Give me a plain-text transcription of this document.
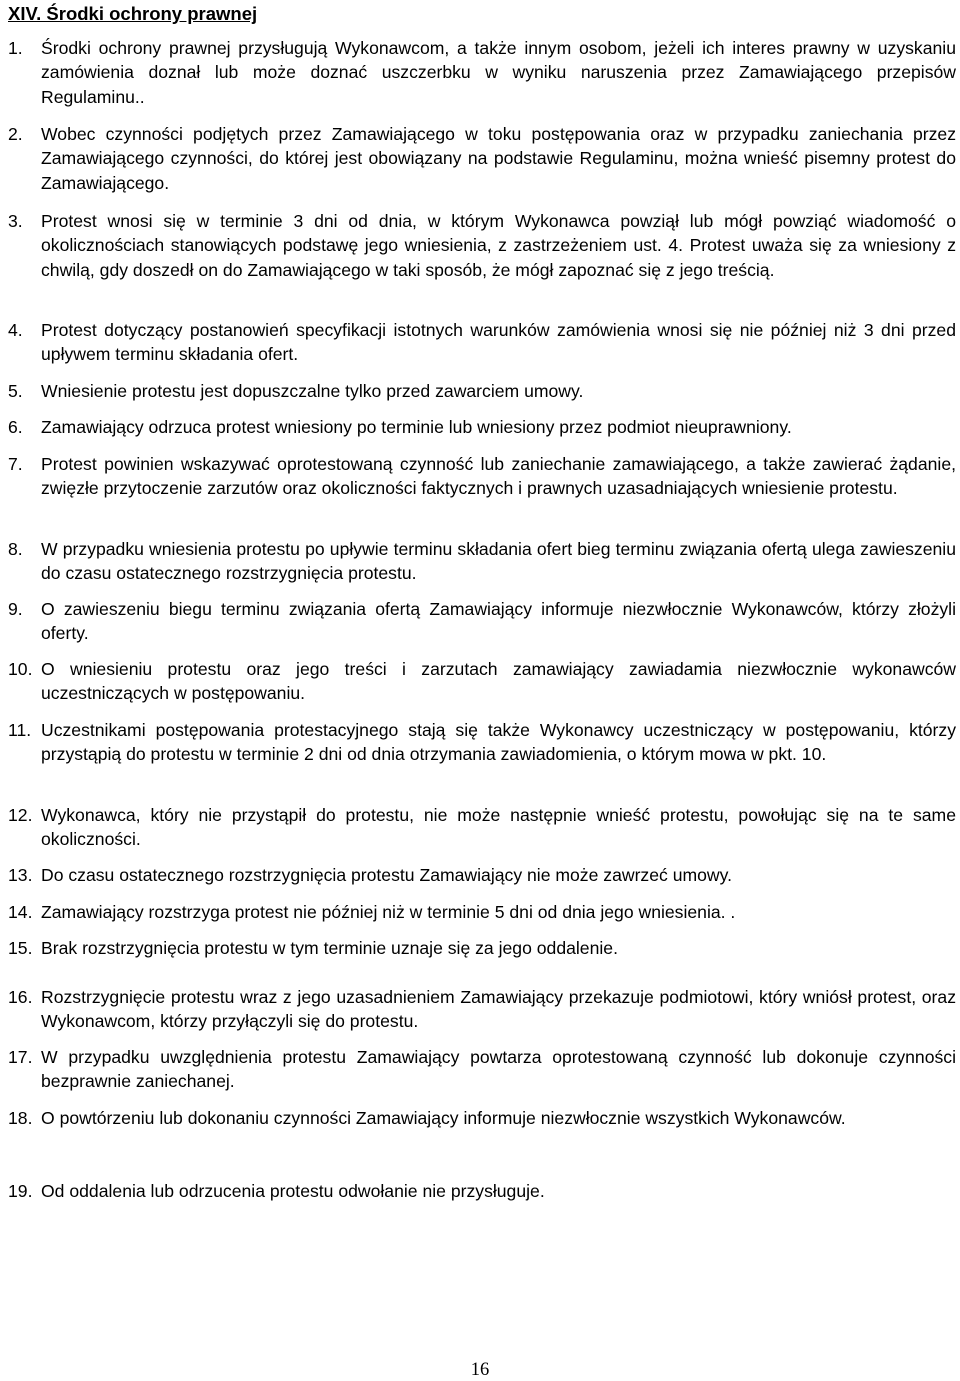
XIV. Środki ochrony prawnej
1. Środki ochrony prawnej przysługują Wykonawcom, a także innym osobom, jeżeli ich interes prawny w uzyskaniu zamówienia doznał lub może doznać uszczerbku w wyniku naruszenia przez Zamawiającego przepisów Regulaminu..
2. Wobec czynności podjętych przez Zamawiającego w toku postępowania oraz w przypadku zaniechania przez Zamawiającego czynności, do której jest obowiązany na podstawie Regulaminu, można wnieść pisemny protest do Zamawiającego.
3. Protest wnosi się w terminie 3 dni od dnia, w którym Wykonawca powziął lub mógł powziąć wiadomość o okolicznościach stanowiących podstawę jego wniesienia, z zastrzeżeniem ust. 4. Protest uważa się za wniesiony z chwilą, gdy doszedł on do Zamawiającego w taki sposób, że mógł zapoznać się z jego treścią.
4. Protest dotyczący postanowień specyfikacji istotnych warunków zamówienia wnosi się nie później niż 3 dni przed upływem terminu składania ofert.
5. Wniesienie protestu jest dopuszczalne tylko przed zawarciem umowy.
6. Zamawiający odrzuca protest wniesiony po terminie lub wniesiony przez podmiot nieuprawniony.
7. Protest powinien wskazywać oprotestowaną czynność lub zaniechanie zamawiającego, a także zawierać żądanie, zwięzłe przytoczenie zarzutów oraz okoliczności faktycznych i prawnych uzasadniających wniesienie protestu.
8. W przypadku wniesienia protestu po upływie terminu składania ofert bieg terminu związania ofertą ulega zawieszeniu do czasu ostatecznego rozstrzygnięcia protestu.
9. O zawieszeniu biegu terminu związania ofertą Zamawiający informuje niezwłocznie Wykonawców, którzy złożyli oferty.
10. O wniesieniu protestu oraz jego treści i zarzutach zamawiający zawiadamia niezwłocznie wykonawców uczestniczących w postępowaniu.
11. Uczestnikami postępowania protestacyjnego stają się także Wykonawcy uczestniczący w postępowaniu, którzy przystąpią do protestu w terminie 2 dni od dnia otrzymania zawiadomienia, o którym mowa w pkt. 10.
12. Wykonawca, który nie przystąpił do protestu, nie może następnie wnieść protestu, powołując się na te same okoliczności.
13. Do czasu ostatecznego rozstrzygnięcia protestu Zamawiający nie może zawrzeć umowy.
14. Zamawiający rozstrzyga protest nie później niż w terminie 5 dni od dnia jego wniesienia. .
15. Brak rozstrzygnięcia protestu w tym terminie uznaje się za jego oddalenie.
16. Rozstrzygnięcie protestu wraz z jego uzasadnieniem Zamawiający przekazuje podmiotowi, który wniósł protest, oraz Wykonawcom, którzy przyłączyli się do protestu.
17. W przypadku uwzględnienia protestu Zamawiający powtarza oprotestowaną czynność lub dokonuje czynności bezprawnie zaniechanej.
18. O powtórzeniu lub dokonaniu czynności Zamawiający informuje niezwłocznie wszystkich Wykonawców.
19. Od oddalenia lub odrzucenia protestu odwołanie nie przysługuje.
16
